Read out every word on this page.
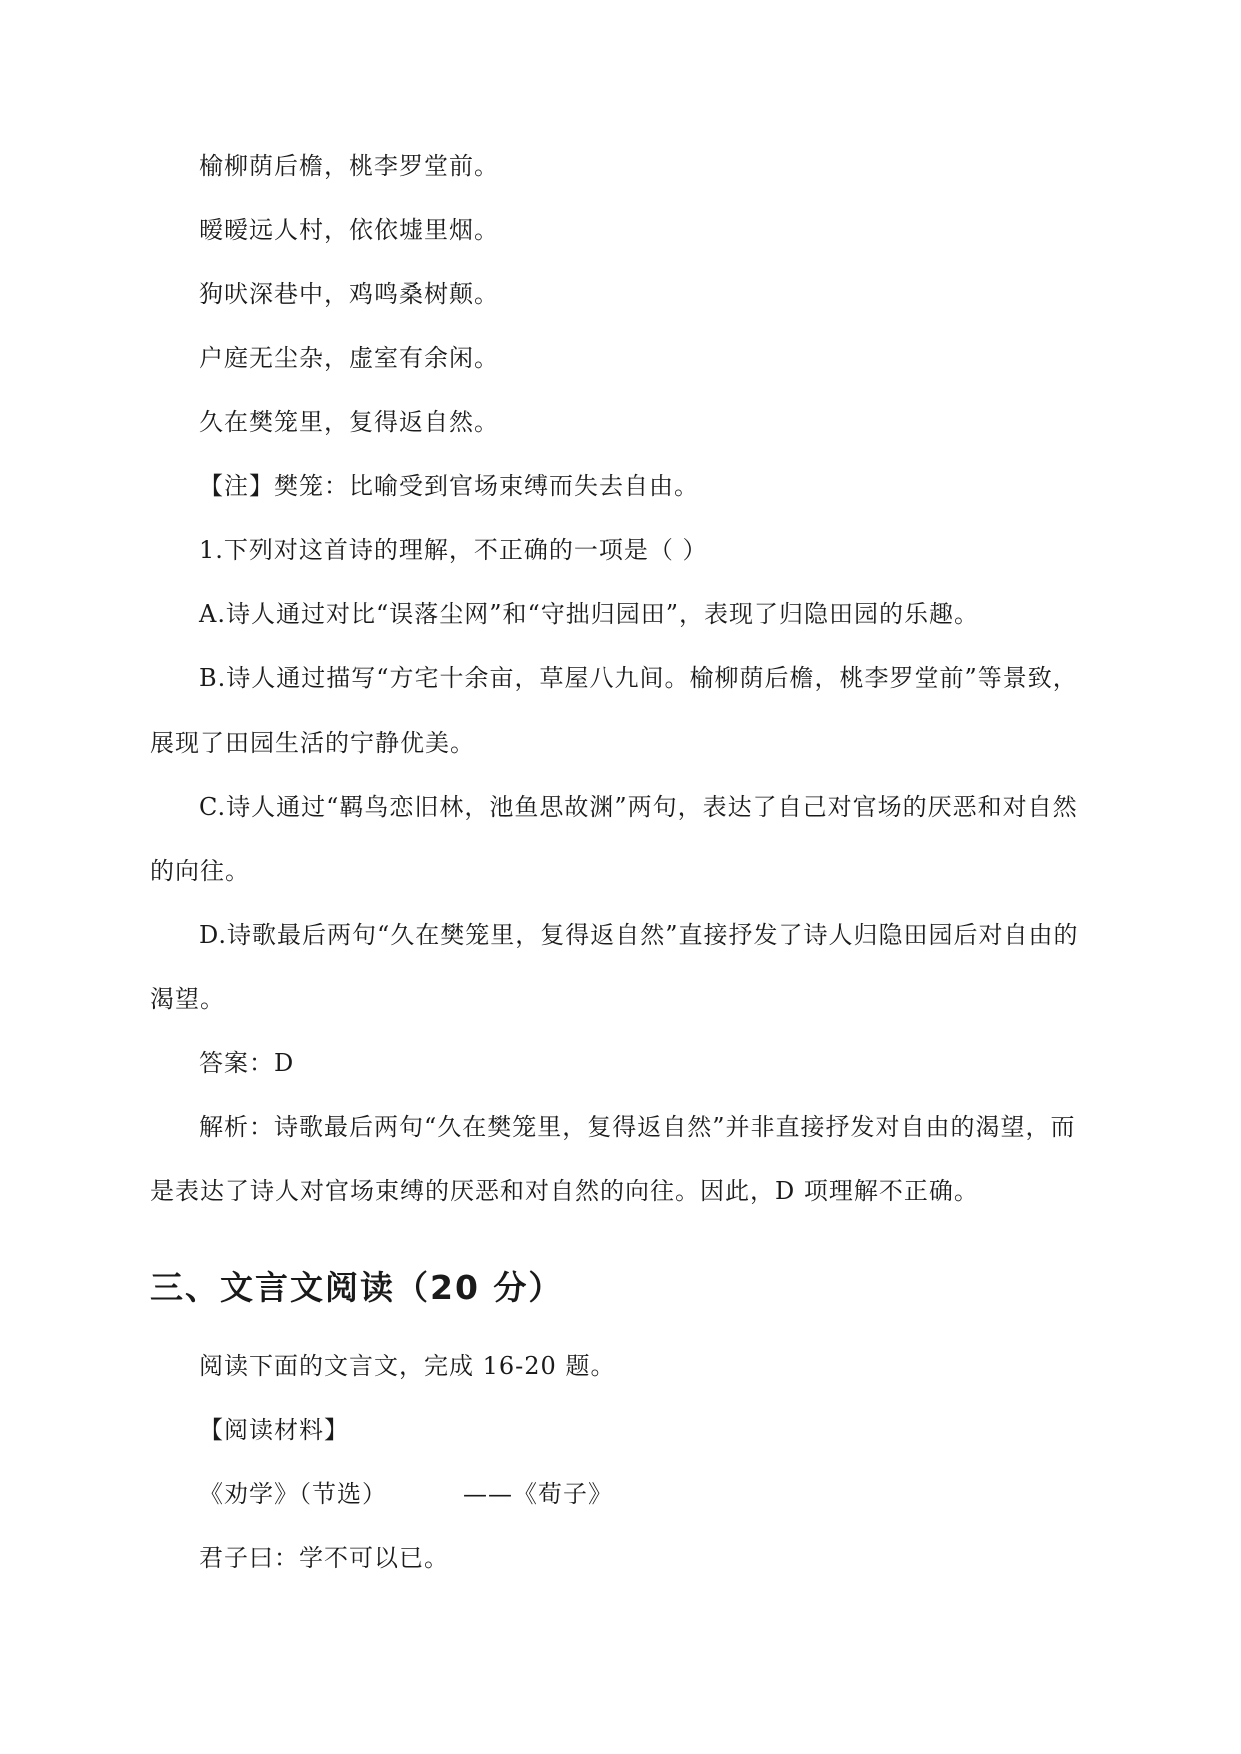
榆柳荫后檐，桃李罗堂前。
暧暧远人村，依依墟里烟。
狗吠深巷中，鸡鸣桑树颠。
户庭无尘杂，虚室有余闲。
久在樊笼里，复得返自然。
【注】樊笼：比喻受到官场束缚而失去自由。
1.下列对这首诗的理解，不正确的一项是（ ）
A.诗人通过对比“误落尘网”和“守拙归园田”，表现了归隐田园的乐趣。
B.诗人通过描写“方宅十余亩，草屋八九间。榆柳荫后檐，桃李罗堂前”等景致，
展现了田园生活的宁静优美。
C.诗人通过“羁鸟恋旧林，池鱼思故渊”两句，表达了自己对官场的厌恶和对自然
的向往。
D.诗歌最后两句“久在樊笼里，复得返自然”直接抒发了诗人归隐田园后对自由的
渴望。
答案：D
解析：诗歌最后两句“久在樊笼里，复得返自然”并非直接抒发对自由的渴望，而
是表达了诗人对官场束缚的厌恶和对自然的向往。因此，D 项理解不正确。
三、文言文阅读（20 分）
阅读下面的文言文，完成 16-20 题。
【阅读材料】
《劝学》（节选）	——《荀子》
君子曰：学不可以已。
